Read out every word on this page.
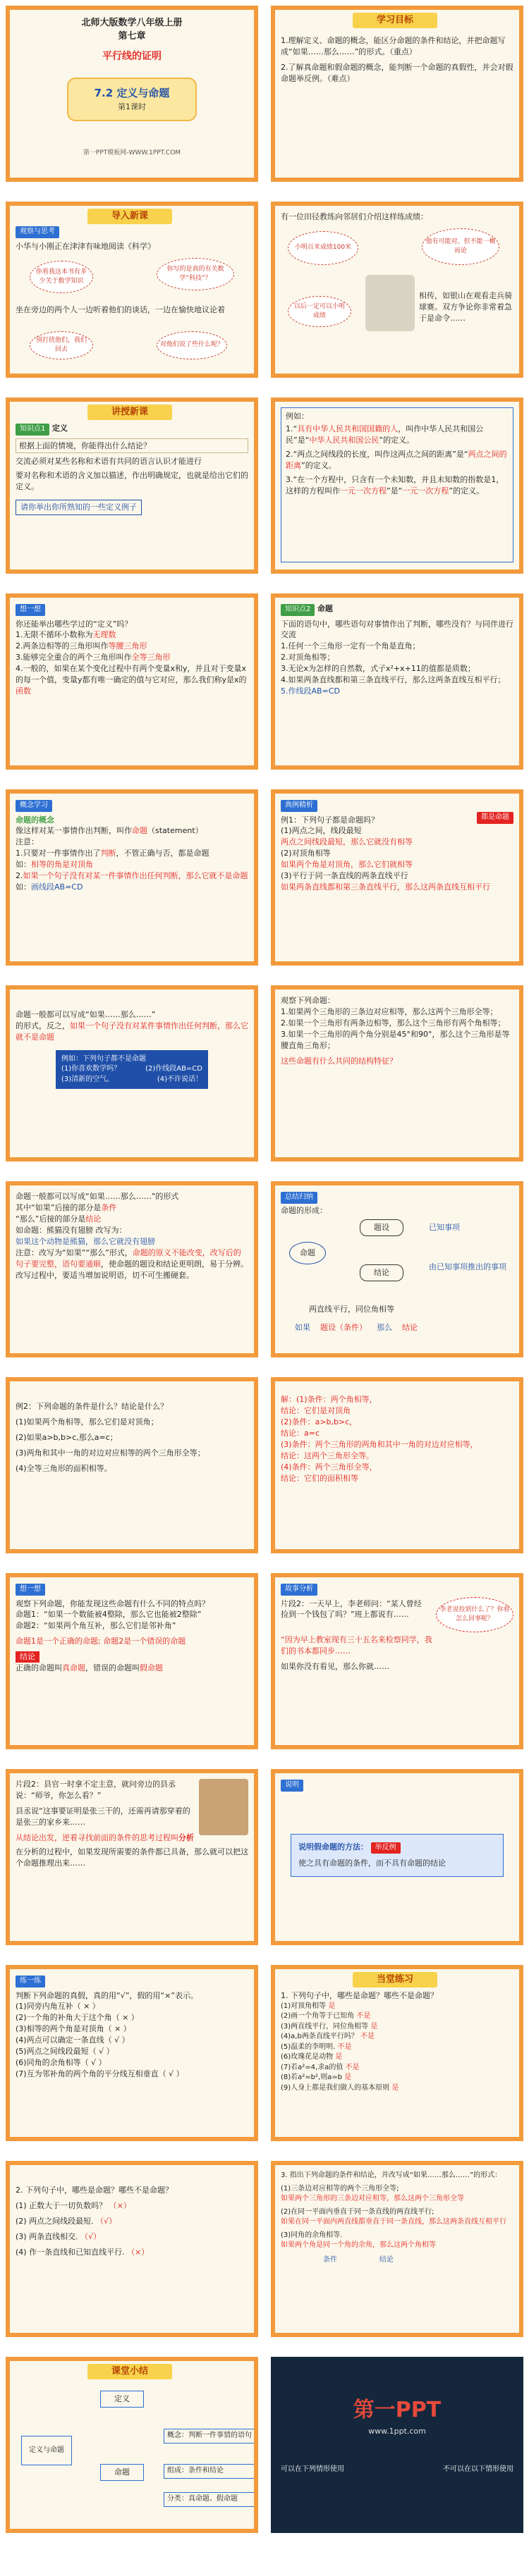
北师大版数学八年级上册
第七章
平行线的证明
7.2 定义与命题
第1课时
第一PPT模板网-WWW.1PPT.COM
学习目标

1.理解定义、命题的概念，能区分命题的条件和结论，并把命题写成“如果……那么……”的形式。（重点）

2.了解真命题和假命题的概念，能判断一个命题的真假性，并会对假命题举反例。（难点）

导入新课
观察与思考
小华与小刚正在津津有味地阅读《科学》
你看我这本书有多少关于数学知识
你写的是真的有关数学“科技”？
坐在旁边的两个人一边听着他们的谈话，一边在愉快地议论着
别打扰他们，我们回去
对他们说了些什么呢？
有一位田径教练向邻居们介绍这样练成绩：
小明百米成绩100米
他有可能对，但不能一概而论
以后一定可以小明成绩
相传，如银山在观看走兵骑球赛。双方争论你非常着急于是命令……
讲授新课
知识点1 定义
根据上面的情境，你能得出什么结论？
交流必须对某些名称和术语有共同的语言认识才能进行
要对名称和术语的含义加以描述，作出明确规定，也就是给出它们的定义。
请你举出你所熟知的一些定义例子
例如：
1.“具有中华人民共和国国籍的人，叫作中华人民共和国公民”是“中华人民共和国公民”的定义。
2.“两点之间线段的长度，叫作这两点之间的距离”是“两点之间的距离”的定义。
3.“在一个方程中，只含有一个未知数，并且未知数的指数是1，这样的方程叫作一元一次方程”是“一元一次方程”的定义。
想一想
你还能举出哪些学过的“定义”吗？
1.无限不循环小数称为无理数
2.两条边相等的三角形叫作等腰三角形
3.能够完全重合的两个三角形叫作全等三角形
4.一般的，如果在某个变化过程中有两个变量x和y，并且对于变量x的每一个值，变量y都有唯一确定的值与它对应，那么我们称y是x的函数
知识点2 命题
下面的语句中，哪些语句对事情作出了判断，哪些没有？与同伴进行交流
1.任何一个三角形一定有一个角是直角；
2.对顶角相等；
3.无论x为怎样的自然数，式子x²+x+11的值都是质数；
4.如果两条直线都和第三条直线平行，那么这两条直线互相平行；
5.作线段AB=CD
概念学习
命题的概念
像这样对某一事情作出判断，叫作命题（statement）
注意：
1.只要对一件事情作出了判断，不管正确与否，都是命题
如：相等的角是对顶角
2.如果一个句子没有对某一件事情作出任何判断，那么它就不是命题
如：画线段AB=CD
典例精析
都是命题
例1：下列句子都是命题吗？
(1)两点之间，线段最短
两点之间线段最短，那么它就没有相等
(2)对顶角相等
如果两个角是对顶角，那么它们就相等
(3)平行于同一条直线的两条直线平行
如果两条直线都和第三条直线平行，那么这两条直线互相平行
命题一般都可以写成“如果……那么……”
的形式，反之，如果一个句子没有对某件事情作出任何判断，那么它就不是命题
例如：下列句子都不是命题
(1)你喜欢数学吗？	(2)作线段AB=CD
(3)清新的空气。	(4)不许说话！
观察下列命题：
1.如果两个三角形的三条边对应相等，那么这两个三角形全等；
2.如果一个三角形有两条边相等，那么这个三角形有两个角相等；
3.如果一个三角形的两个角分别是45°和90°，那么这个三角形是等腰直角三角形；
这些命题有什么共同的结构特征？
命题一般都可以写成“如果……那么……”的形式
其中“如果”后接的部分是条件
“那么”后接的部分是结论
如命题：熊猫没有翅膀 改写为：
如果这个动物是熊猫，那么它就没有翅膀
注意：改写为“如果”“那么”形式，命题的原义不能改变，改写后的句子要完整，语句要通顺，使命题的题设和结论更明朗，易于分辨。改写过程中，要适当增加说明语，切不可生搬硬套。
总结归纳
命题的形成：
命题
题设	已知事项
结论
由已知事项推出的事项
两直线平行，同位角相等
如果 题设（条件） 那么 结论
例2：下列命题的条件是什么？结论是什么？
(1)如果两个角相等，那么它们是对顶角；
(2)如果a>b,b>c,那么a=c；
(3)两角和其中一角的对边对应相等的两个三角形全等；
(4)全等三角形的面积相等。
解：(1)条件：两个角相等，
结论：它们是对顶角
(2)条件：a>b,b>c，
结论：a=c
(3)条件：两个三角形的两角和其中一角的对边对应相等，
结论：这两个三角形全等。
(4)条件：两个三角形全等，
结论：它们的面积相等
想一想
观察下列命题，你能发现这些命题有什么不同的特点吗？
命题1：“如果一个数能被4整除，那么它也能被2整除”
命题2：“如果两个角互补，那么它们是邻补角”
命题1是一个正确的命题; 命题2是一个错误的命题
结论
正确的命题叫真命题，错误的命题叫假命题
故事分析
片段2：一天早上，李老师问：“某人曾经捡到一个钱包了吗？”班上都说有……
李老说捡到什么了？你看怎么回事呢？
“因为早上教室现有三十五名来检察同学，我们的书本都同步……
如果你没有看见，那么你就……
片段2：县官一时拿不定主意，就问旁边的县丞说：“师爷，你怎么看？”
县丞说“这事要证明是张三干的，还需再请那穿着的是张三的家乡来……
从结论出发，逆着寻找前面的条件的思考过程叫分析
在分析的过程中，如果发现所需要的条件都已具备，那么就可以把这个命题推理出来……
说明
说明假命题的方法： 举反例
使之具有命题的条件，而不具有命题的结论
练一练
判断下列命题的真假，真的用“√”，假的用“×”表示。
(1)同旁内角互补（ × ）
(2)一个角的补角大于这个角（ × ）
(3)相等的两个角是对顶角（ × ）
(4)两点可以确定一条直线（ √ ）
(5)两点之间线段最短（ √ ）
(6)同角的余角相等（ √ ）
(7)互为邻补角的两个角的平分线互相垂直（ √ ）
当堂练习
1. 下列句子中，哪些是命题？哪些不是命题？
(1)对顶角相等 是
(2)画一个角等于已知角 不是
(3)两直线平行，同位角相等 是
(4)a,b两条直线平行吗？ 不是
(5)温柔的李明明. 不是
(6)玫瑰花是动物 是
(7)若a²=4,求a的值 不是
(8)若a²=b²,则a=b 是
(9)人身上都是我们做人的基本原则 是
2. 下列句子中，哪些是命题？哪些不是命题？
(1) 正数大于一切负数吗？ （×）
(2) 两点之间线段最短. （√）
(3) 两条直线相交. （√）
(4) 作一条直线和已知直线平行. （×）
3. 指出下列命题的条件和结论，并改写成“如果……那么……”的形式：
(1)三条边对应相等的两个三角形全等;
如果两个三角形的三条边对应相等，那么这两个三角形全等
(2)在同一平面内垂直于同一条直线的两直线平行;
如果在同一平面内两直线都垂直于同一条直线，那么这两条直线互相平行
(3)同角的余角相等.
如果两个角是同一个角的余角，那么这两个角相等
条件	结论
课堂小结
定义与命题
定义
命题
概念：判断一件事情的语句
组成：条件和结论
分类：真命题、假命题
第一PPT
www.1ppt.com
可以在下列情形使用	不可以在以下情形使用
